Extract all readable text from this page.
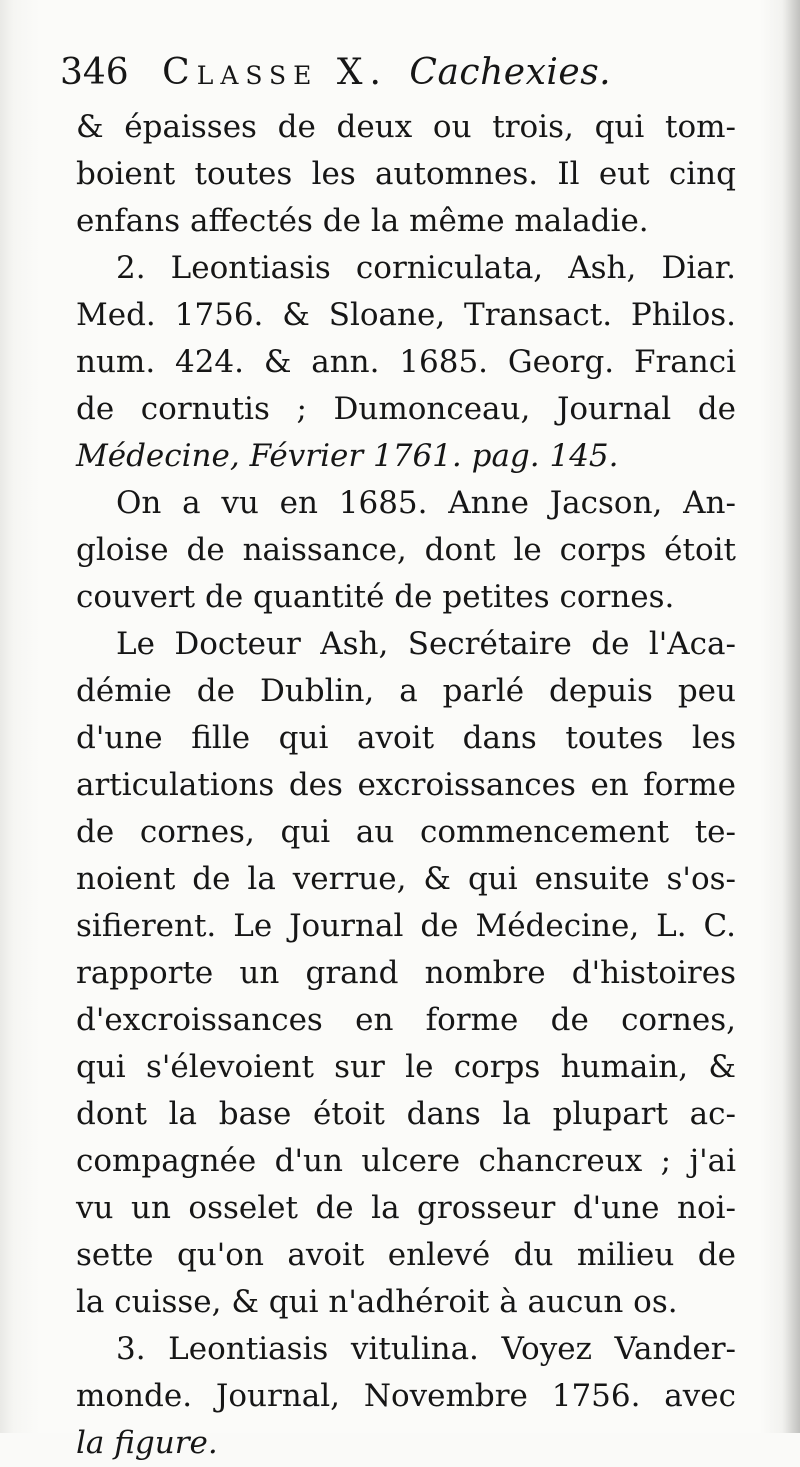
346 Classe X. Cachexies.
& épaisses de deux ou trois, qui tom-
boient toutes les automnes. Il eut cinq
enfans affectés de la même maladie.
2. Leontiasis corniculata, Ash, Diar.
Med. 1756. & Sloane, Transact. Philos.
num. 424. & ann. 1685. Georg. Franci
de cornutis ; Dumonceau, Journal de
Médecine, Février 1761. pag. 145.
On a vu en 1685. Anne Jacson, An-
gloise de naissance, dont le corps étoit
couvert de quantité de petites cornes.
Le Docteur Ash, Secrétaire de l'Aca-
démie de Dublin, a parlé depuis peu
d'une fille qui avoit dans toutes les
articulations des excroissances en forme
de cornes, qui au commencement te-
noient de la verrue, & qui ensuite s'os-
sifierent. Le Journal de Médecine, L. C.
rapporte un grand nombre d'histoires
d'excroissances en forme de cornes,
qui s'élevoient sur le corps humain, &
dont la base étoit dans la plupart ac-
compagnée d'un ulcere chancreux ; j'ai
vu un osselet de la grosseur d'une noi-
sette qu'on avoit enlevé du milieu de
la cuisse, & qui n'adhéroit à aucun os.
3. Leontiasis vitulina. Voyez Vander-
monde. Journal, Novembre 1756. avec
la figure.
